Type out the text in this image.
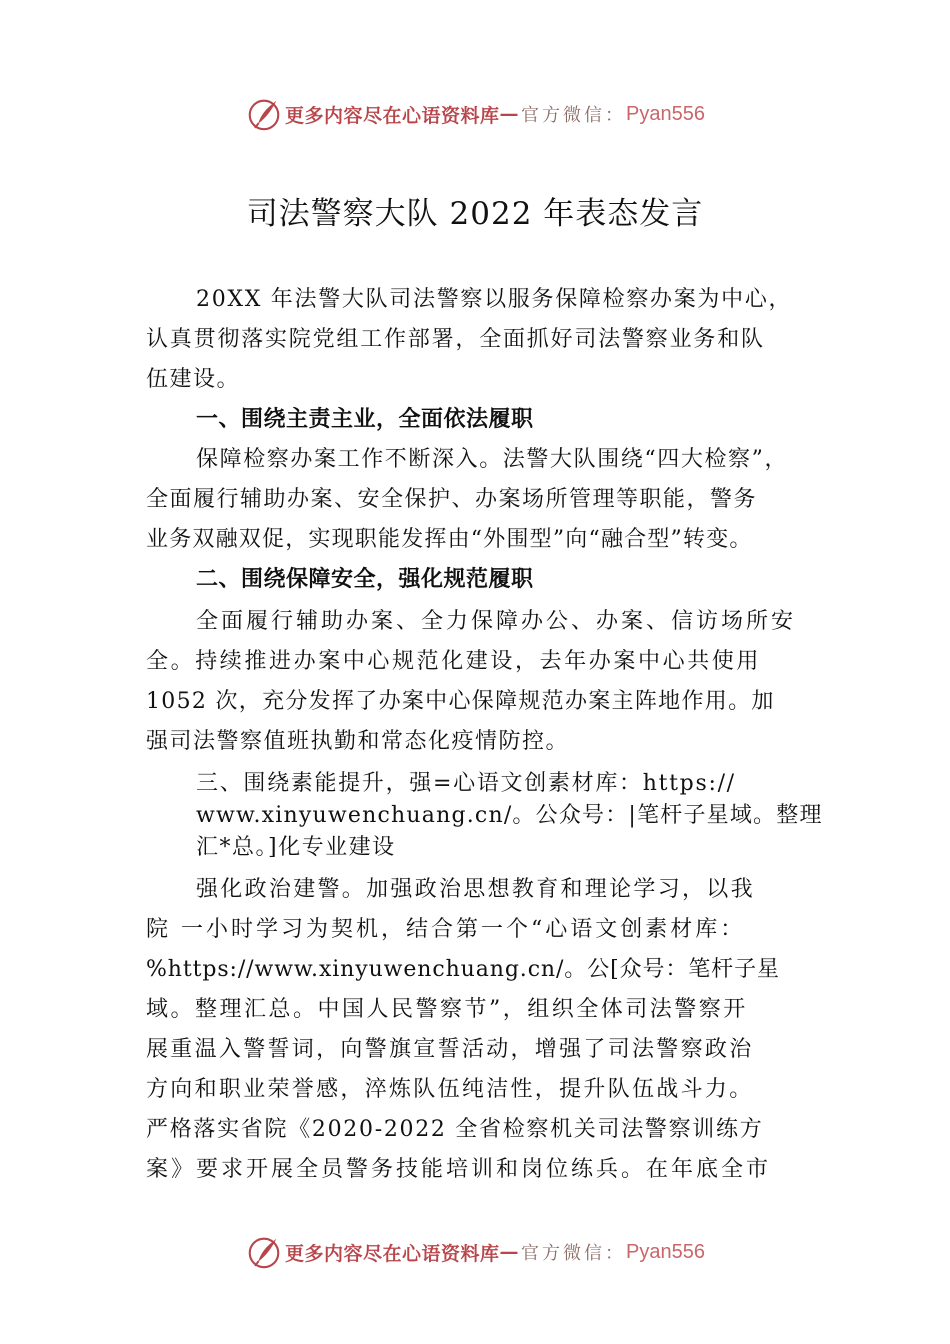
更多内容尽在心语资料库 — 官方微信： Pyan556
司法警察大队 2022 年表态发言
20XX 年法警大队司法警察以服务保障检察办案为中心，
认真贯彻落实院党组工作部署，全面抓好司法警察业务和队
伍建设。
一、围绕主责主业，全面依法履职
保障检察办案工作不断深入。法警大队围绕“四大检察”，
全面履行辅助办案、安全保护、办案场所管理等职能，警务
业务双融双促，实现职能发挥由“外围型”向“融合型”转变。
二、围绕保障安全，强化规范履职
全面履行辅助办案、全力保障办公、办案、信访场所安
全。持续推进办案中心规范化建设，去年办案中心共使用
1052 次，充分发挥了办案中心保障规范办案主阵地作用。加
强司法警察值班执勤和常态化疫情防控。
三、围绕素能提升，强=心语文创素材库：https://
www.xinyuwenchuang.cn/。公众号：|笔杆子星域。整理
汇*总。]化专业建设
强化政治建警。加强政治思想教育和理论学习，以我
院 一小时学习为契机，结合第一个“心语文创素材库：
%https://www.xinyuwenchuang.cn/。公[众号：笔杆子星
域。整理汇总。中国人民警察节”，组织全体司法警察开
展重温入警誓词，向警旗宣誓活动，增强了司法警察政治
方向和职业荣誉感，淬炼队伍纯洁性，提升队伍战斗力。
严格落实省院《2020-2022 全省检察机关司法警察训练方
案》要求开展全员警务技能培训和岗位练兵。在年底全市
更多内容尽在心语资料库 — 官方微信： Pyan556
